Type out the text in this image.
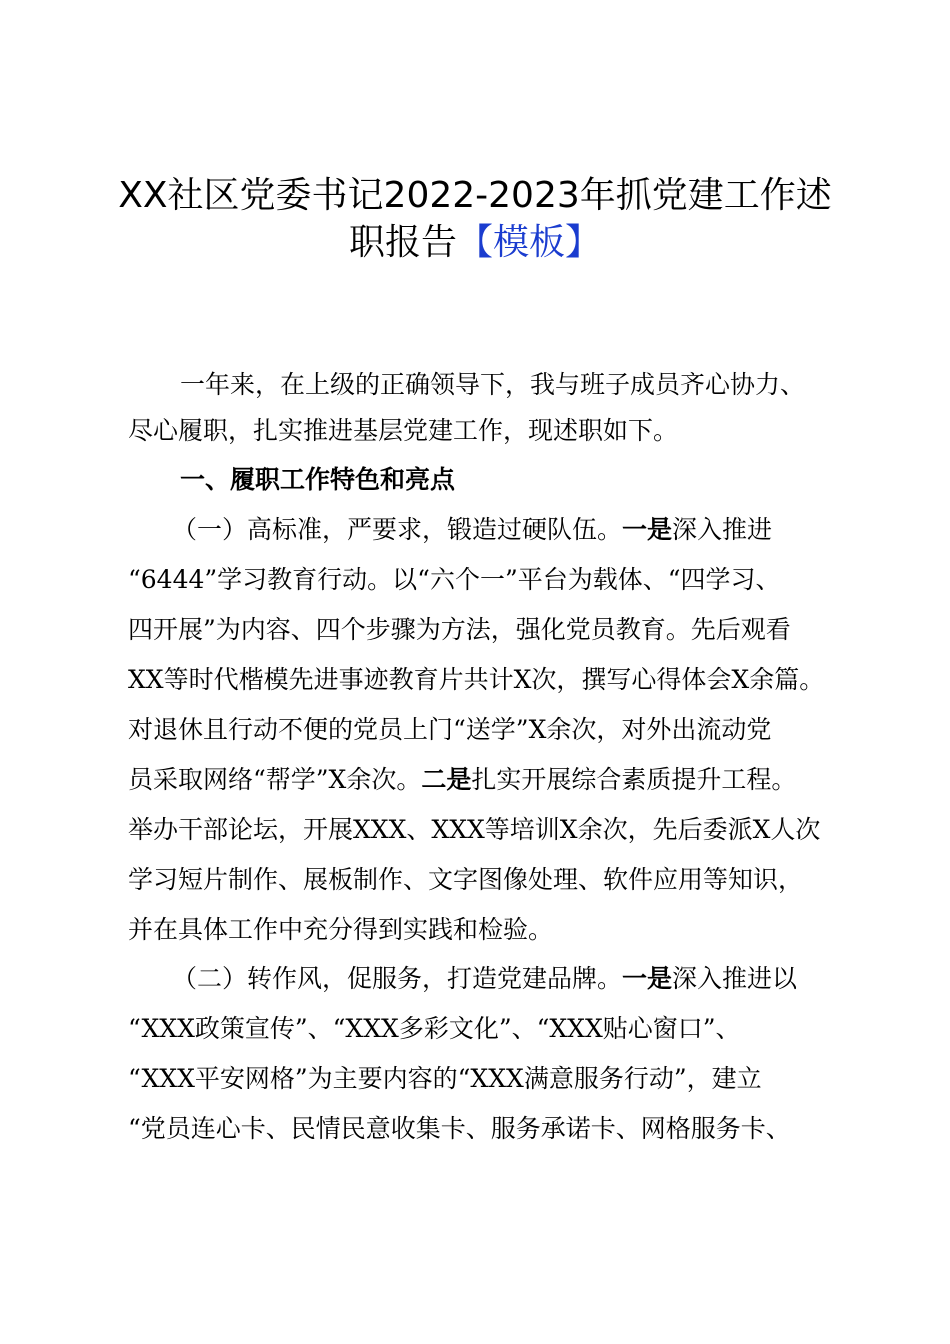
XX社区党委书记2022-2023年抓党建工作述
职报告【模板】
一年来，在上级的正确领导下，我与班子成员齐心协力、
尽心履职，扎实推进基层党建工作，现述职如下。
一、履职工作特色和亮点
（一）高标准，严要求，锻造过硬队伍。一是深入推进
“6444”学习教育行动。以“六个一”平台为载体、“四学习、
四开展”为内容、四个步骤为方法，强化党员教育。先后观看
XX等时代楷模先进事迹教育片共计X次，撰写心得体会X余篇。
对退休且行动不便的党员上门“送学”X余次，对外出流动党
员采取网络“帮学”X余次。二是扎实开展综合素质提升工程。
举办干部论坛，开展XXX、XXX等培训X余次，先后委派X人次
学习短片制作、展板制作、文字图像处理、软件应用等知识，
并在具体工作中充分得到实践和检验。
（二）转作风，促服务，打造党建品牌。一是深入推进以
“XXX政策宣传”、“XXX多彩文化”、“XXX贴心窗口”、
“XXX平安网格”为主要内容的“XXX满意服务行动”，建立
“党员连心卡、民情民意收集卡、服务承诺卡、网格服务卡、
